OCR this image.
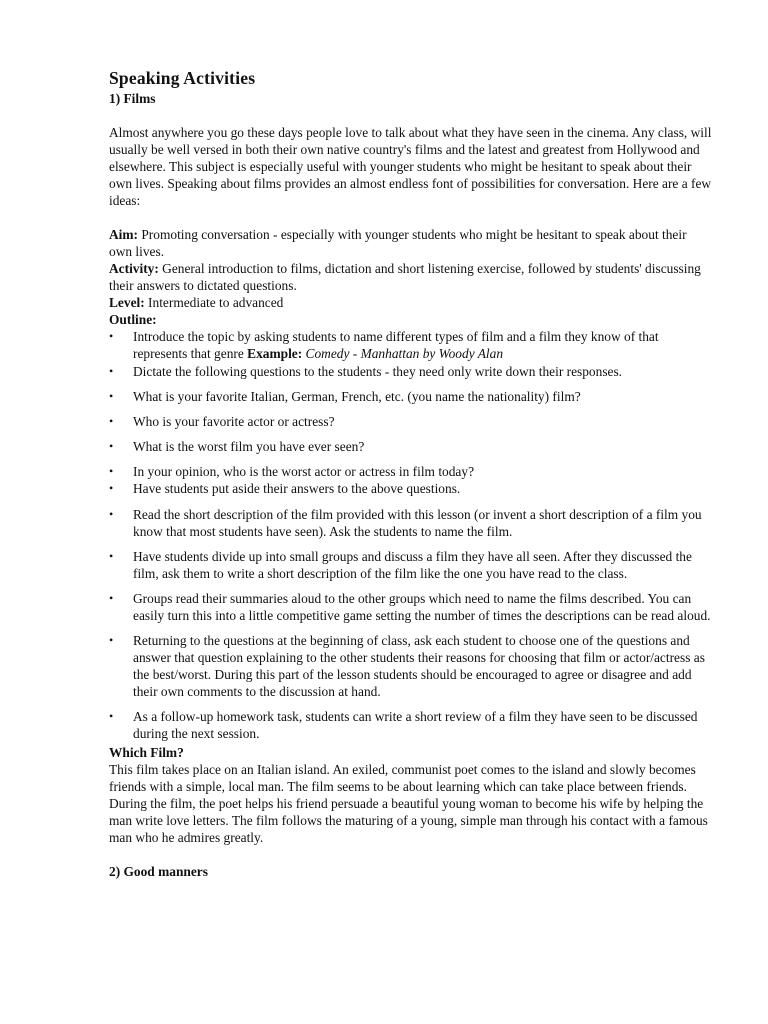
Speaking Activities
1) Films

Almost anywhere you go these days people love to talk about what they have seen in the cinema. Any class, will usually be well versed in both their own native country's films and the latest and greatest from Hollywood and elsewhere. This subject is especially useful with younger students who might be hesitant to speak about their own lives. Speaking about films provides an almost endless font of possibilities for conversation. Here are a few ideas:

Aim: Promoting conversation - especially with younger students who might be hesitant to speak about their own lives.

Activity: General introduction to films, dictation and short listening exercise, followed by students' discussing their answers to dictated questions.

Level: Intermediate to advanced

Outline:

•	Introduce the topic by asking students to name different types of film and a film they know of that represents that genre Example: Comedy - Manhattan by Woody Alan
•	Dictate the following questions to the students - they need only write down their responses.
•	What is your favorite Italian, German, French, etc. (you name the nationality) film?
•	Who is your favorite actor or actress?
•	What is the worst film you have ever seen?
•	In your opinion, who is the worst actor or actress in film today?
•	Have students put aside their answers to the above questions.
•	Read the short description of the film provided with this lesson (or invent a short description of a film you know that most students have seen). Ask the students to name the film.
•	Have students divide up into small groups and discuss a film they have all seen. After they discussed the film, ask them to write a short description of the film like the one you have read to the class.
•	Groups read their summaries aloud to the other groups which need to name the films described. You can easily turn this into a little competitive game setting the number of times the descriptions can be read aloud.
•	Returning to the questions at the beginning of class, ask each student to choose one of the questions and answer that question explaining to the other students their reasons for choosing that film or actor/actress as the best/worst. During this part of the lesson students should be encouraged to agree or disagree and add their own comments to the discussion at hand.
•	As a follow-up homework task, students can write a short review of a film they have seen to be discussed during the next session.

Which Film?

This film takes place on an Italian island. An exiled, communist poet comes to the island and slowly becomes friends with a simple, local man. The film seems to be about learning which can take place between friends. During the film, the poet helps his friend persuade a beautiful young woman to become his wife by helping the man write love letters. The film follows the maturing of a young, simple man through his contact with a famous man who he admires greatly.

2) Good manners
